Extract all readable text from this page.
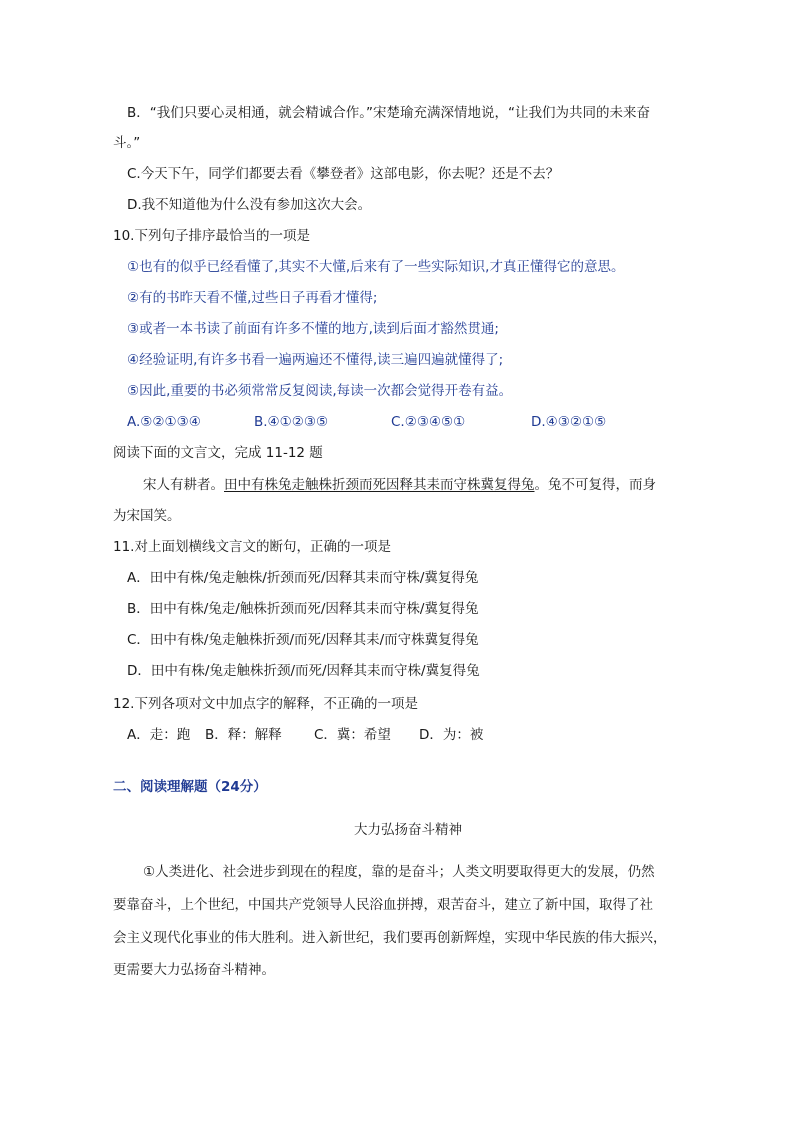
B．“我们只要心灵相通，就会精诚合作。”宋楚瑜充满深情地说，“让我们为共同的未来奋
斗。”
C.今天下午，同学们都要去看《攀登者》这部电影，你去呢？还是不去？
D.我不知道他为什么没有参加这次大会。
10.下列句子排序最恰当的一项是
①也有的似乎已经看懂了,其实不大懂,后来有了一些实际知识,才真正懂得它的意思。
②有的书昨天看不懂,过些日子再看才懂得;
③或者一本书读了前面有许多不懂的地方,读到后面才豁然贯通;
④经验证明,有许多书看一遍两遍还不懂得,读三遍四遍就懂得了;
⑤因此,重要的书必须常常反复阅读,每读一次都会觉得开卷有益。
A.⑤②①③④	B.④①②③⑤	C.②③④⑤①	D.④③②①⑤
阅读下面的文言文，完成 11-12 题
宋人有耕者。田中有株兔走触株折颈而死因释其耒而守株冀复得兔。兔不可复得，而身
为宋国笑。
11.对上面划横线文言文的断句，正确的一项是
A．田中有株/兔走触株/折颈而死/因释其耒而守株/冀复得兔
B．田中有株/兔走/触株折颈而死/因释其耒而守株/冀复得兔
C．田中有株/兔走触株折颈/而死/因释其耒/而守株冀复得兔
D．田中有株/兔走触株折颈/而死/因释其耒而守株/冀复得兔
12.下列各项对文中加点字的解释，不正确的一项是
A．走：跑 B．释：解释 C．冀：希望 D．为：被
二、阅读理解题（24分）
大力弘扬奋斗精神
①人类进化、社会进步到现在的程度，靠的是奋斗；人类文明要取得更大的发展，仍然
要靠奋斗，上个世纪，中国共产党领导人民浴血拼搏，艰苦奋斗，建立了新中国，取得了社
会主义现代化事业的伟大胜利。进入新世纪，我们要再创新辉煌，实现中华民族的伟大振兴，
更需要大力弘扬奋斗精神。
